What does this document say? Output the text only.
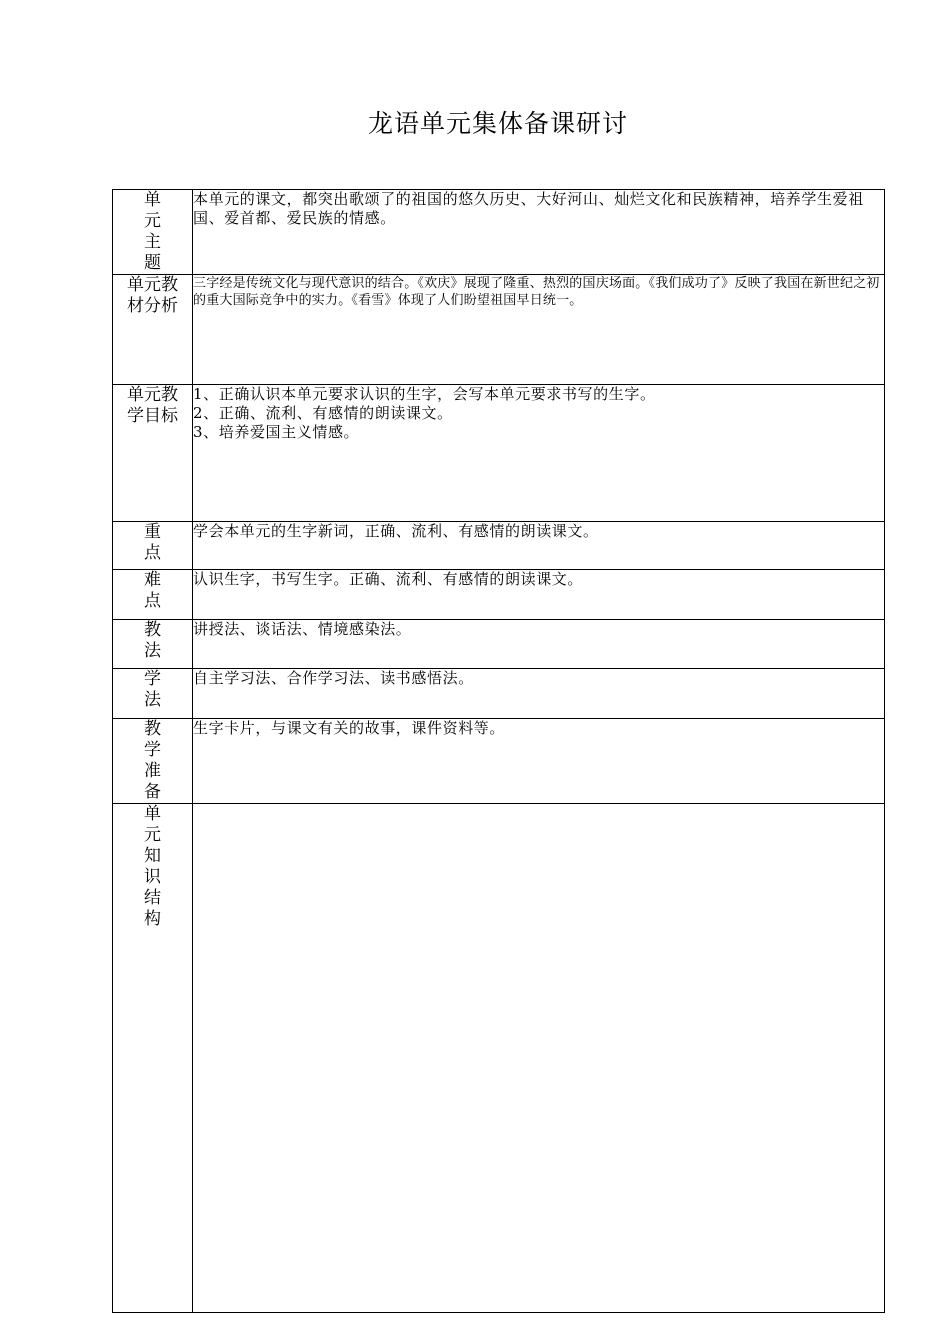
龙语单元集体备课研讨
单 元
主 题	本单元的课文，都突出歌颂了的祖国的悠久历史、大好河山、灿烂文化和民族精神，培养学生爱祖国、爱首都、爱民族的情感。

单元教
材分析	三字经是传统文化与现代意识的结合。《欢庆》展现了隆重、热烈的国庆场面。《我们成功了》反映了我国在新世纪之初的重大国际竞争中的实力。《看雪》体现了人们盼望祖国早日统一。

单元教
学目标	1、正确认识本单元要求认识的生字，会写本单元要求书写的生字。
2、正确、流利、有感情的朗读课文。
3、培养爱国主义情感。

重 点	学会本单元的生字新词，正确、流利、有感情的朗读课文。

难 点	认识生字，书写生字。正确、流利、有感情的朗读课文。

教 法	讲授法、谈话法、情境感染法。

学 法	自主学习法、合作学习法、读书感悟法。

教 学
准 备	生字卡片，与课文有关的故事，课件资料等。

单 元
知 识
结 构	
